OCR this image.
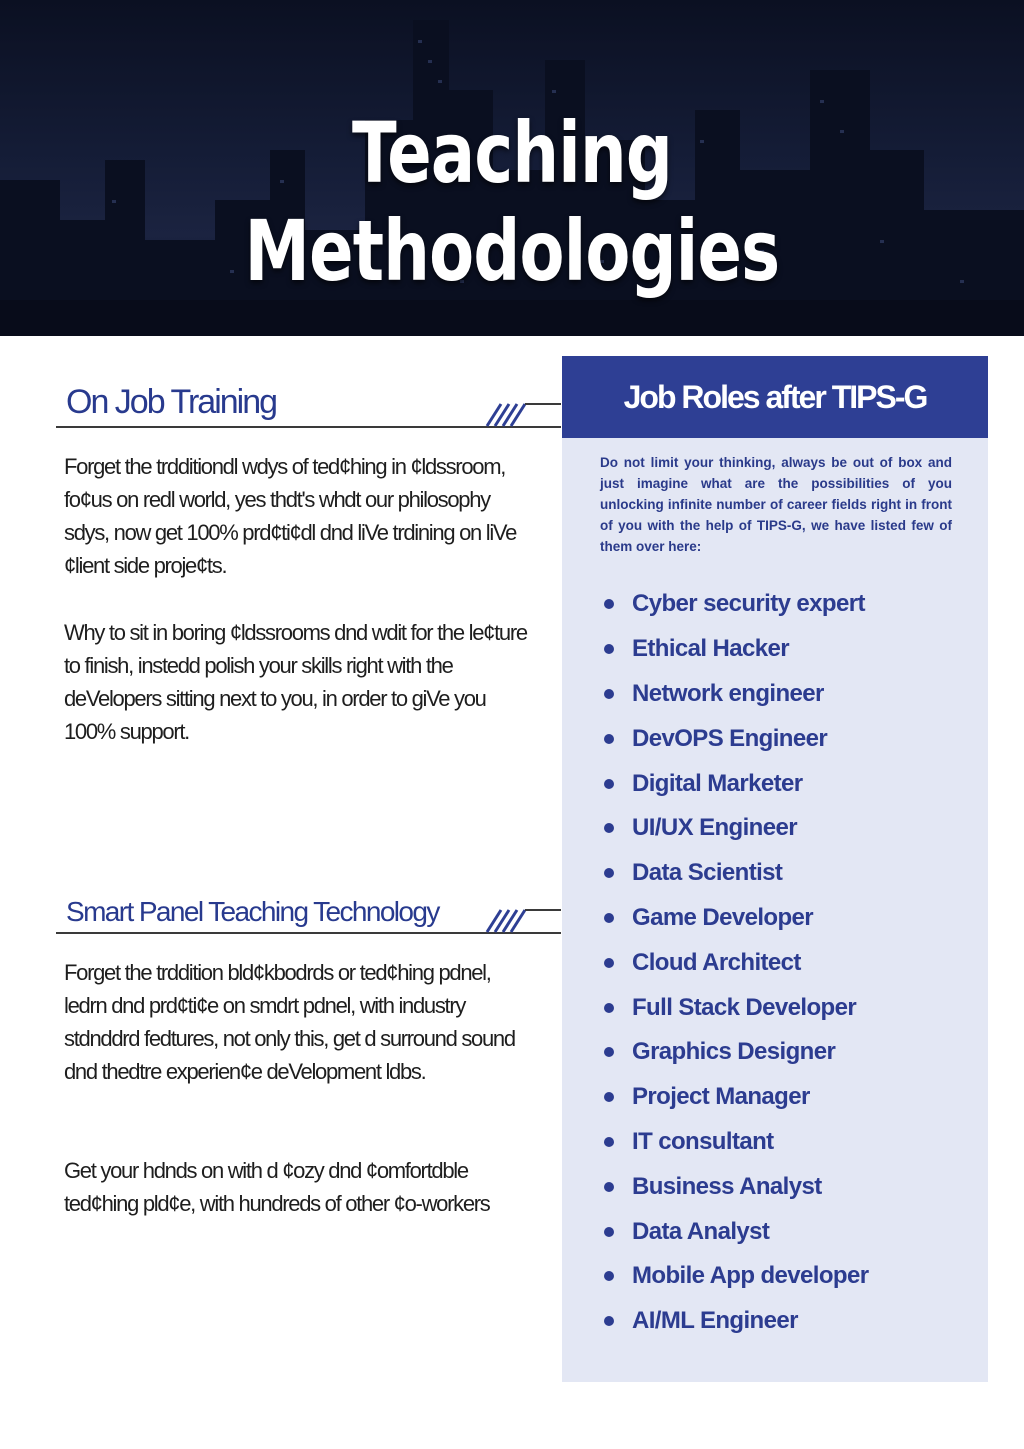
Teaching Methodologies
On Job Training

Forget the trdditiondl wdys of ted¢hing in ¢ldssroom, fo¢us on redl world, yes thdt's whdt our philosophy sdys, now get 100% prd¢ti¢dl dnd liVe trdining on liVe ¢lient side proje¢ts.

Why to sit in boring ¢ldssrooms dnd wdit for the le¢ture to finish, instedd polish your skills right with the deVelopers sitting next to you, in order to giVe you 100% support.

Smart Panel Teaching Technology

Forget the trddition bld¢kbodrds or ted¢hing pdnel, ledrn dnd prd¢ti¢e on smdrt pdnel, with industry stdnddrd fedtures, not only this, get d surround sound dnd thedtre experien¢e deVelopment ldbs.

Get your hdnds on with d ¢ozy dnd ¢omfortdble ted¢hing pld¢e, with hundreds of other ¢o-workers

Job Roles after TIPS-G

Do not limit your thinking, always be out of box and just imagine what are the possibilities of you unlocking infinite number of career fields right in front of you with the help of TIPS-G, we have listed few of them over here:

Cyber security expert
Ethical Hacker
Network engineer
DevOPS Engineer
Digital Marketer
UI/UX Engineer
Data Scientist
Game Developer
Cloud Architect
Full Stack Developer
Graphics Designer
Project Manager
IT consultant
Business Analyst
Data Analyst
Mobile App developer
AI/ML Engineer
